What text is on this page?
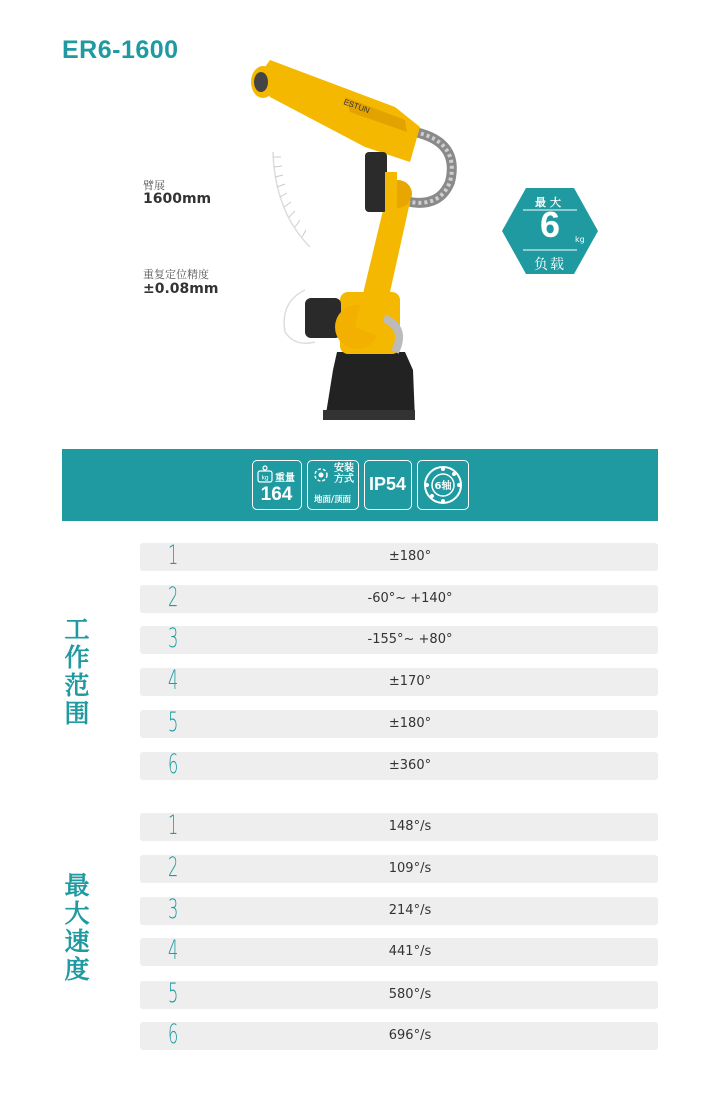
ER6-1600
臂展
1600mm
重复定位精度
±0.08mm
ESTUN
最大
6	kg
负载
kg 重量
164
安装方式
地面/顶面
IP54	6轴
工作范围
1	±180°
2	-60°~ +140°
3	-155°~ +80°
4	±170°
5	±180°
6	±360°
最大速度
1	148°/s
2	109°/s
3	214°/s
4	441°/s
5	580°/s
6	696°/s
